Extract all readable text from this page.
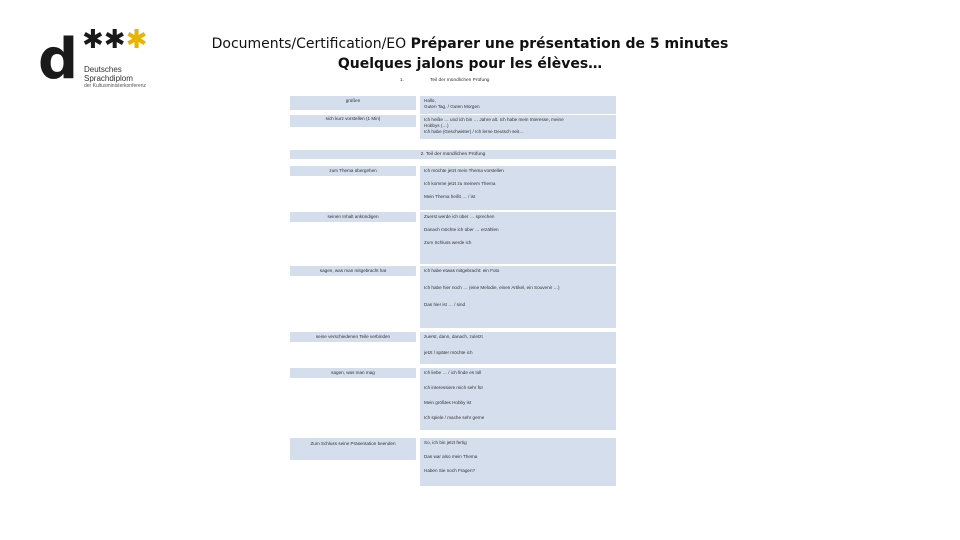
d ✱✱✱
Deutsches
Sprachdiplom
der Kultusministerkonferenz
Documents/Certification/EO Préparer une présentation de 5 minutes
Quelques jalons pour les élèves…
1.	Teil der mündlichen Prüfung
grüßen	Hallo,
Guten Tag, / Guten Morgen
sich kurz vorstellen (1 Min)	Ich heiße … und ich bin … Jahre alt. Ich habe mein Interesse, meine
Hobbys (…)
Ich habe (Geschwister) / Ich lerne Deutsch seit…
2. Teil der mündlichen Prüfung
zum Thema übergehen	Ich möchte jetzt mein Thema vorstellen
Ich komme jetzt zu meinem Thema
Mein Thema heißt … / ist
seinen Inhalt ankündigen	Zuerst werde ich über … sprechen
Danach möchte ich über … erzählen
Zum Schluss werde ich
sagen, was man mitgebracht hat	Ich habe etwas mitgebracht: ein Foto
Ich habe hier noch … (eine Melodie, einen Artikel, ein Souvenir …)
Das hier ist … / sind
seine verschiedenen Teile verbinden	zuerst, dann, danach, zuletzt
jetzt / später möchte ich
sagen, was man mag	Ich liebe … / ich finde es toll
Ich interessiere mich sehr für
Mein größtes Hobby ist
Ich spiele / mache sehr gerne
Zum Schluss seine Präsentation beenden	So, ich bin jetzt fertig
Das war also mein Thema
Haben Sie noch Fragen?
